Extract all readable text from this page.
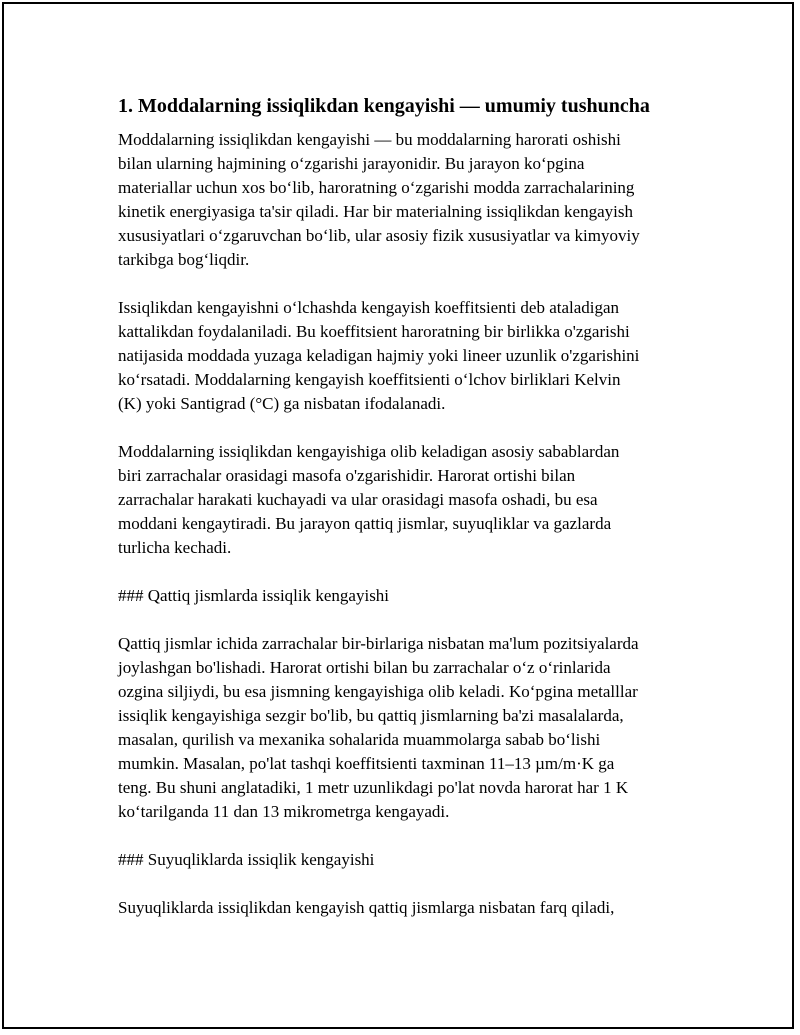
1. Moddalarning issiqlikdan kengayishi — umumiy tushuncha

Moddalarning issiqlikdan kengayishi — bu moddalarning harorati oshishi
bilan ularning hajmining oʻzgarishi jarayonidir. Bu jarayon koʻpgina
materiallar uchun xos boʻlib, haroratning oʻzgarishi modda zarrachalarining
kinetik energiyasiga ta'sir qiladi. Har bir materialning issiqlikdan kengayish
xususiyatlari oʻzgaruvchan boʻlib, ular asosiy fizik xususiyatlar va kimyoviy
tarkibga bogʻliqdir.

Issiqlikdan kengayishni oʻlchashda kengayish koeffitsienti deb ataladigan
kattalikdan foydalaniladi. Bu koeffitsient haroratning bir birlikka o'zgarishi
natijasida moddada yuzaga keladigan hajmiy yoki lineer uzunlik o'zgarishini
koʻrsatadi. Moddalarning kengayish koeffitsienti oʻlchov birliklari Kelvin
(K) yoki Santigrad (°C) ga nisbatan ifodalanadi.

Moddalarning issiqlikdan kengayishiga olib keladigan asosiy sabablardan
biri zarrachalar orasidagi masofa o'zgarishidir. Harorat ortishi bilan
zarrachalar harakati kuchayadi va ular orasidagi masofa oshadi, bu esa
moddani kengaytiradi. Bu jarayon qattiq jismlar, suyuqliklar va gazlarda
turlicha kechadi.

### Qattiq jismlarda issiqlik kengayishi

Qattiq jismlar ichida zarrachalar bir-birlariga nisbatan ma'lum pozitsiyalarda
joylashgan bo'lishadi. Harorat ortishi bilan bu zarrachalar oʻz oʻrinlarida
ozgina siljiydi, bu esa jismning kengayishiga olib keladi. Koʻpgina metalllar
issiqlik kengayishiga sezgir bo'lib, bu qattiq jismlarning ba'zi masalalarda,
masalan, qurilish va mexanika sohalarida muammolarga sabab boʻlishi
mumkin. Masalan, po'lat tashqi koeffitsienti taxminan 11–13 µm/m·K ga
teng. Bu shuni anglatadiki, 1 metr uzunlikdagi po'lat novda harorat har 1 K
koʻtarilganda 11 dan 13 mikrometrga kengayadi.

### Suyuqliklarda issiqlik kengayishi

Suyuqliklarda issiqlikdan kengayish qattiq jismlarga nisbatan farq qiladi,
